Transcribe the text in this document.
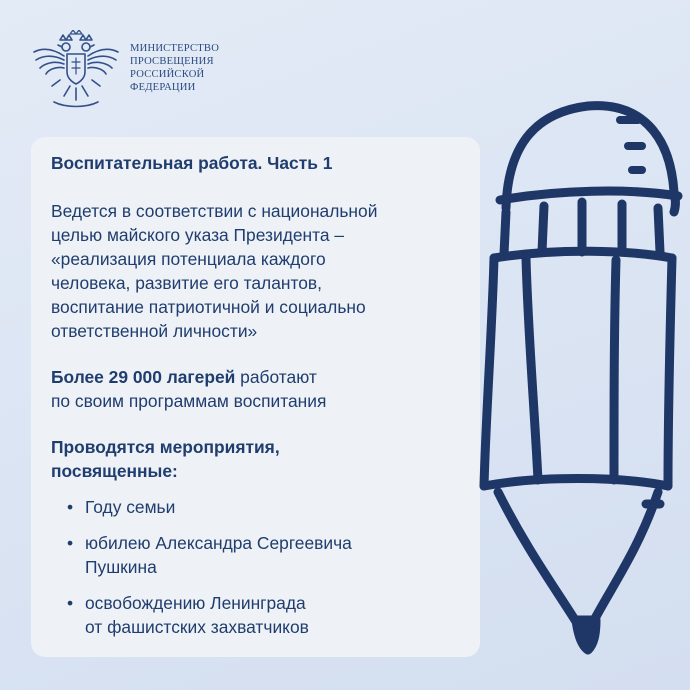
МИНИСТЕРСТВО
ПРОСВЕЩЕНИЯ
РОССИЙСКОЙ
ФЕДЕРАЦИИ

Воспитательная работа. Часть 1

Ведется в соответствии с национальной

целью майского указа Президента –

«реализация потенциала каждого

человека, развитие его талантов,

воспитание патриотичной и социально

ответственной личности»

Более 29 000 лагерей работают

по своим программам воспитания

Проводятся мероприятия,
посвященные:
• Году семьи
• юбилею Александра Сергеевича
Пушкина
• освобождению Ленинграда
от фашистских захватчиков
